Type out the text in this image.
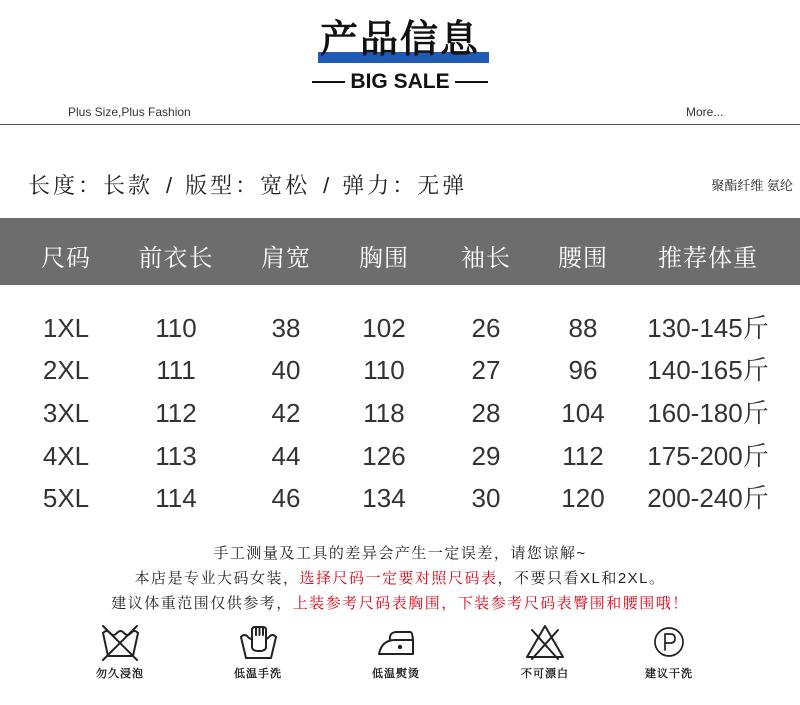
产品信息
BIG SALE
Plus Size,Plus Fashion	More...
长度：长款 / 版型：宽松 / 弹力：无弹	聚酯纤维 氨纶
尺码 前衣长 肩宽 胸围 袖长 腰围 推荐体重
1XL	110	38 102	26	88 130-145斤
2XL	111	40 110	27	96 140-165斤
3XL	112	42 118	28 104 160-180斤
4XL	113	44 126	29 112 175-200斤
5XL	114	46 134	30 120 200-240斤
手工测量及工具的差异会产生一定误差，请您谅解~
本店是专业大码女装，选择尺码一定要对照尺码表，不要只看XL和2XL。
建议体重范围仅供参考，上装参考尺码表胸围，下装参考尺码表臀围和腰围哦！
勿久浸泡	低温手洗	低温熨烫	不可漂白	建议干洗
